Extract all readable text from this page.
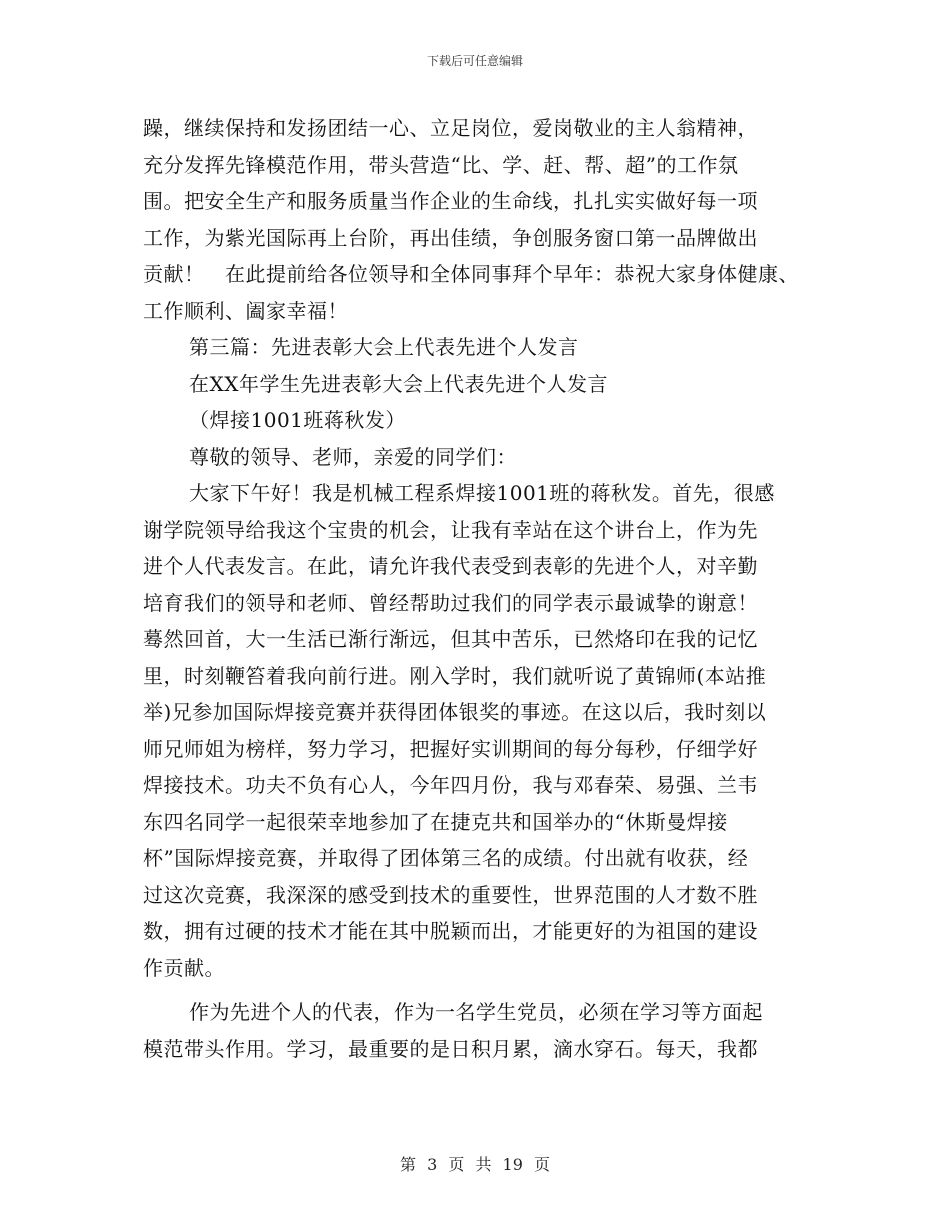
下载后可任意编辑
躁，继续保持和发扬团结一心、立足岗位，爱岗敬业的主人翁精神，
充分发挥先锋模范作用，带头营造“比、学、赶、帮、超”的工作氛
围。把安全生产和服务质量当作企业的生命线，扎扎实实做好每一项
工作，为紫光国际再上台阶，再出佳绩，争创服务窗口第一品牌做出
贡献！　在此提前给各位领导和全体同事拜个早年：恭祝大家身体健康、
工作顺利、阖家幸福！
第三篇：先进表彰大会上代表先进个人发言
在XX年学生先进表彰大会上代表先进个人发言
（焊接1001班蒋秋发）
尊敬的领导、老师，亲爱的同学们：
大家下午好！我是机械工程系焊接1001班的蒋秋发。首先，很感
谢学院领导给我这个宝贵的机会，让我有幸站在这个讲台上，作为先
进个人代表发言。在此，请允许我代表受到表彰的先进个人，对辛勤
培育我们的领导和老师、曾经帮助过我们的同学表示最诚挚的谢意！
蓦然回首，大一生活已渐行渐远，但其中苦乐，已然烙印在我的记忆
里，时刻鞭笞着我向前行进。刚入学时，我们就听说了黄锦师(本站推
举)兄参加国际焊接竞赛并获得团体银奖的事迹。在这以后，我时刻以
师兄师姐为榜样，努力学习，把握好实训期间的每分每秒，仔细学好
焊接技术。功夫不负有心人，今年四月份，我与邓春荣、易强、兰韦
东四名同学一起很荣幸地参加了在捷克共和国举办的“休斯曼焊接
杯”国际焊接竞赛，并取得了团体第三名的成绩。付出就有收获，经
过这次竞赛，我深深的感受到技术的重要性，世界范围的人才数不胜
数，拥有过硬的技术才能在其中脱颖而出，才能更好的为祖国的建设
作贡献。
作为先进个人的代表，作为一名学生党员，必须在学习等方面起
模范带头作用。学习，最重要的是日积月累，滴水穿石。每天，我都
第 3 页 共 19 页
